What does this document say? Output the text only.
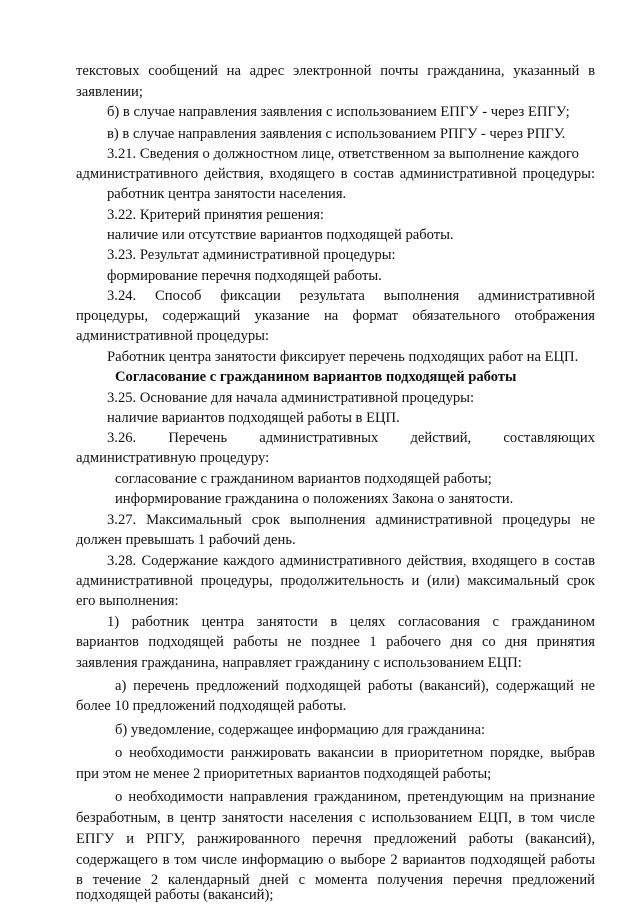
текстовых сообщений на адрес электронной почты гражданина, указанный в
заявлении;
б) в случае направления заявления с использованием ЕПГУ - через ЕПГУ;
в) в случае направления заявления с использованием РПГУ - через РПГУ.
3.21. Сведения о должностном лице, ответственном за выполнение каждого
административного действия, входящего в состав административной процедуры:
работник центра занятости населения.
3.22. Критерий принятия решения:
наличие или отсутствие вариантов подходящей работы.
3.23. Результат административной процедуры:
формирование перечня подходящей работы.
3.24. Способ фиксации результата выполнения административной
процедуры, содержащий указание на формат обязательного отображения
административной процедуры:
Работник центра занятости фиксирует перечень подходящих работ на ЕЦП.
Согласование с гражданином вариантов подходящей работы
3.25. Основание для начала административной процедуры:
наличие вариантов подходящей работы в ЕЦП.
3.26. Перечень административных действий, составляющих
административную процедуру:
согласование с гражданином вариантов подходящей работы;
информирование гражданина о положениях Закона о занятости.
3.27. Максимальный срок выполнения административной процедуры не
должен превышать 1 рабочий день.
3.28. Содержание каждого административного действия, входящего в состав
административной процедуры, продолжительность и (или) максимальный срок
его выполнения:
1) работник центра занятости в целях согласования с гражданином
вариантов подходящей работы не позднее 1 рабочего дня со дня принятия
заявления гражданина, направляет гражданину с использованием ЕЦП:
а) перечень предложений подходящей работы (вакансий), содержащий не
более 10 предложений подходящей работы.
б) уведомление, содержащее информацию для гражданина:
о необходимости ранжировать вакансии в приоритетном порядке, выбрав
при этом не менее 2 приоритетных вариантов подходящей работы;
о необходимости направления гражданином, претендующим на признание
безработным, в центр занятости населения с использованием ЕЦП, в том числе
ЕПГУ и РПГУ, ранжированного перечня предложений работы (вакансий),
содержащего в том числе информацию о выборе 2 вариантов подходящей работы
в течение 2 календарный дней с момента получения перечня предложений
подходящей работы (вакансий);
